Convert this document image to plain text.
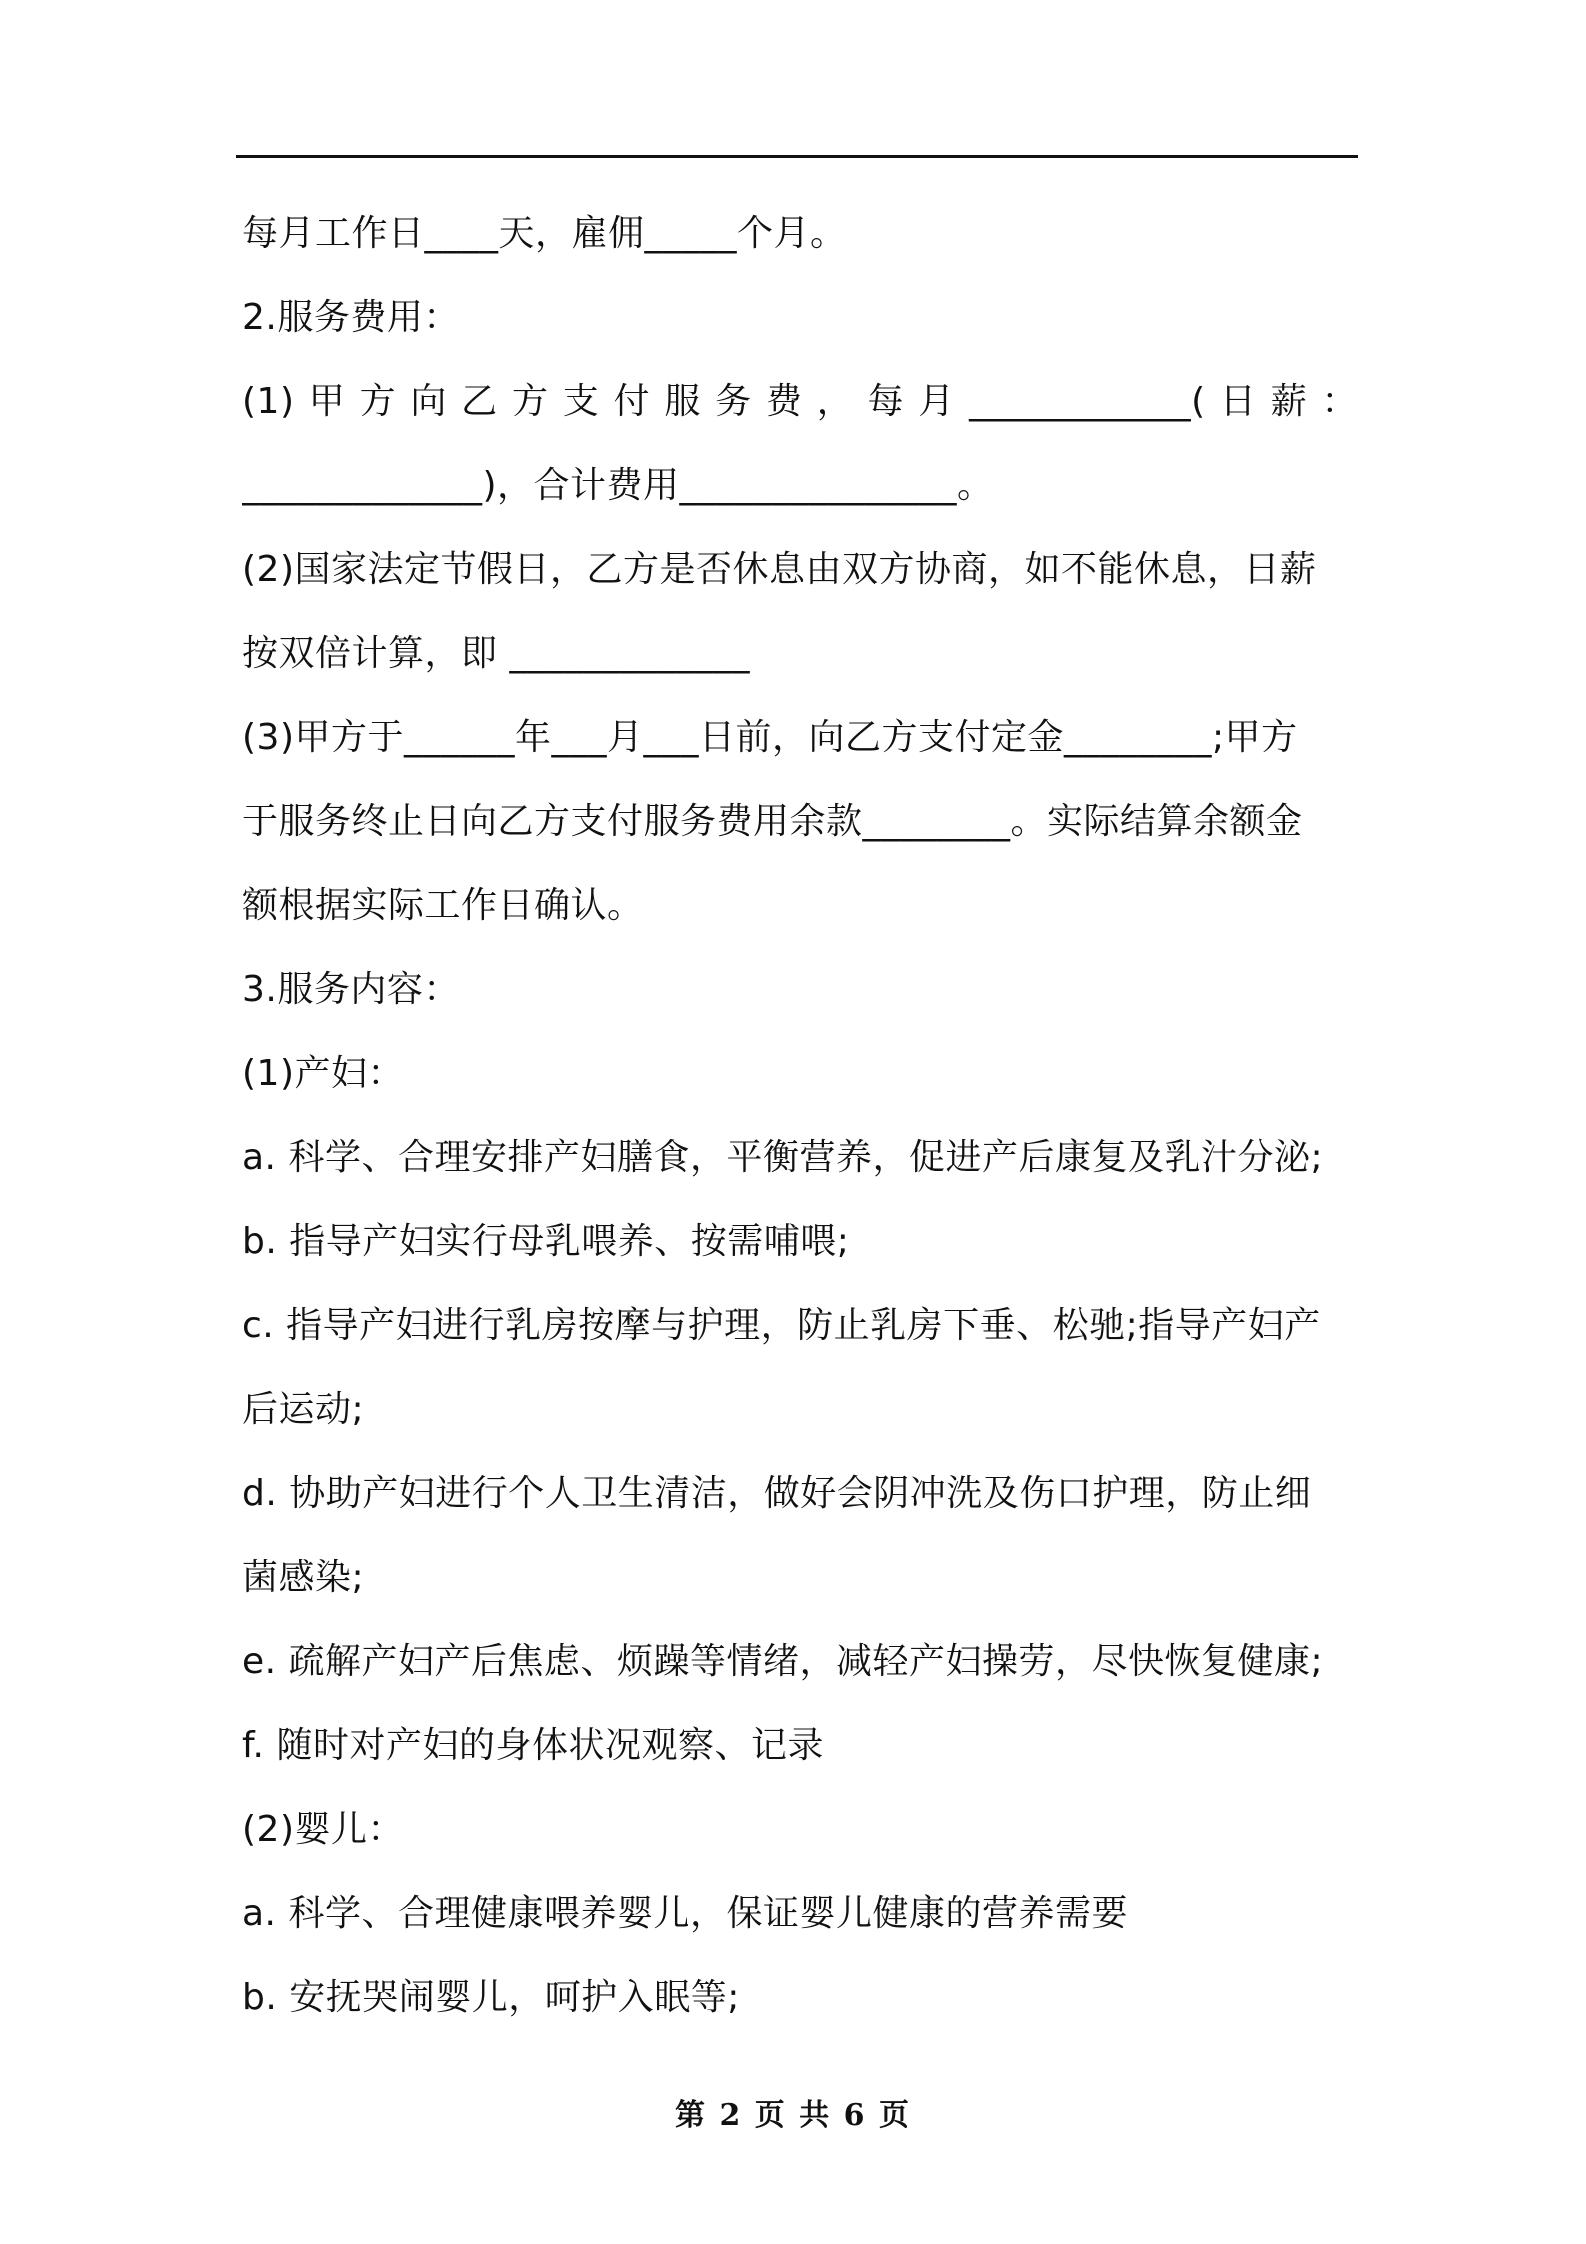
每月工作日____天，雇佣_____个月。
2.服务费用：
(1)甲方向乙方支付服务费，每月____________(日薪：
_____________)，合计费用_______________。
(2)国家法定节假日，乙方是否休息由双方协商，如不能休息，日薪
按双倍计算，即 _____________
(3)甲方于______年___月___日前，向乙方支付定金________;甲方
于服务终止日向乙方支付服务费用余款________。实际结算余额金
额根据实际工作日确认。
3.服务内容：
(1)产妇：
a. 科学、合理安排产妇膳食，平衡营养，促进产后康复及乳汁分泌;
b. 指导产妇实行母乳喂养、按需哺喂;
c. 指导产妇进行乳房按摩与护理，防止乳房下垂、松驰;指导产妇产
后运动;
d. 协助产妇进行个人卫生清洁，做好会阴冲洗及伤口护理，防止细
菌感染;
e. 疏解产妇产后焦虑、烦躁等情绪，减轻产妇操劳，尽快恢复健康;
f. 随时对产妇的身体状况观察、记录
(2)婴儿：
a. 科学、合理健康喂养婴儿，保证婴儿健康的营养需要
b. 安抚哭闹婴儿，呵护入眠等;
第 2 页 共 6 页
